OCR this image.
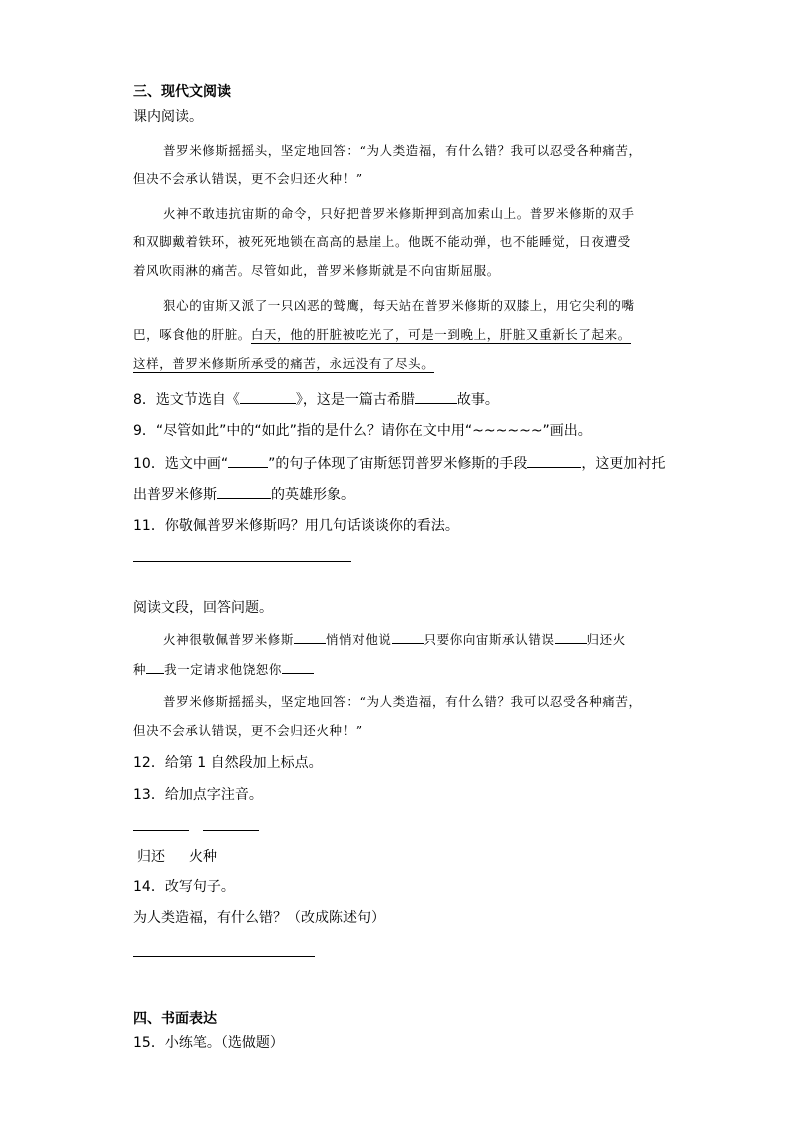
三、现代文阅读
课内阅读。
普罗米修斯摇摇头，坚定地回答：“为人类造福，有什么错？我可以忍受各种痛苦，
但决不会承认错误，更不会归还火种！”
火神不敢违抗宙斯的命令，只好把普罗米修斯押到高加索山上。普罗米修斯的双手
和双脚戴着铁环，被死死地锁在高高的悬崖上。他既不能动弹，也不能睡觉，日夜遭受
着风吹雨淋的痛苦。尽管如此，普罗米修斯就是不向宙斯屈服。
狠心的宙斯又派了一只凶恶的鹫鹰，每天站在普罗米修斯的双膝上，用它尖利的嘴
巴，啄食他的肝脏。白天，他的肝脏被吃光了，可是一到晚上，肝脏又重新长了起来。
这样，普罗米修斯所承受的痛苦，永远没有了尽头。
8．选文节选自《	》，这是一篇古希腊	故事。
9．“尽管如此”中的“如此”指的是什么？请你在文中用“~~~~~~”画出。
10．选文中画“	”的句子体现了宙斯惩罚普罗米修斯的手段	，这更加衬托
出普罗米修斯	的英雄形象。
11．你敬佩普罗米修斯吗？用几句话谈谈你的看法。
阅读文段，回答问题。
火神很敬佩普罗米修斯	悄悄对他说	只要你向宙斯承认错误	归还火
种 我一定请求他饶恕你
普罗米修斯摇摇头，坚定地回答：“为人类造福，有什么错？我可以忍受各种痛苦，
但决不会承认错误，更不会归还火种！”
12．给第 1 自然段加上标点。
13．给加点字注音。
归还 火种
14．改写句子。
为人类造福，有什么错？（改成陈述句）
四、书面表达
15．小练笔。（选做题）
